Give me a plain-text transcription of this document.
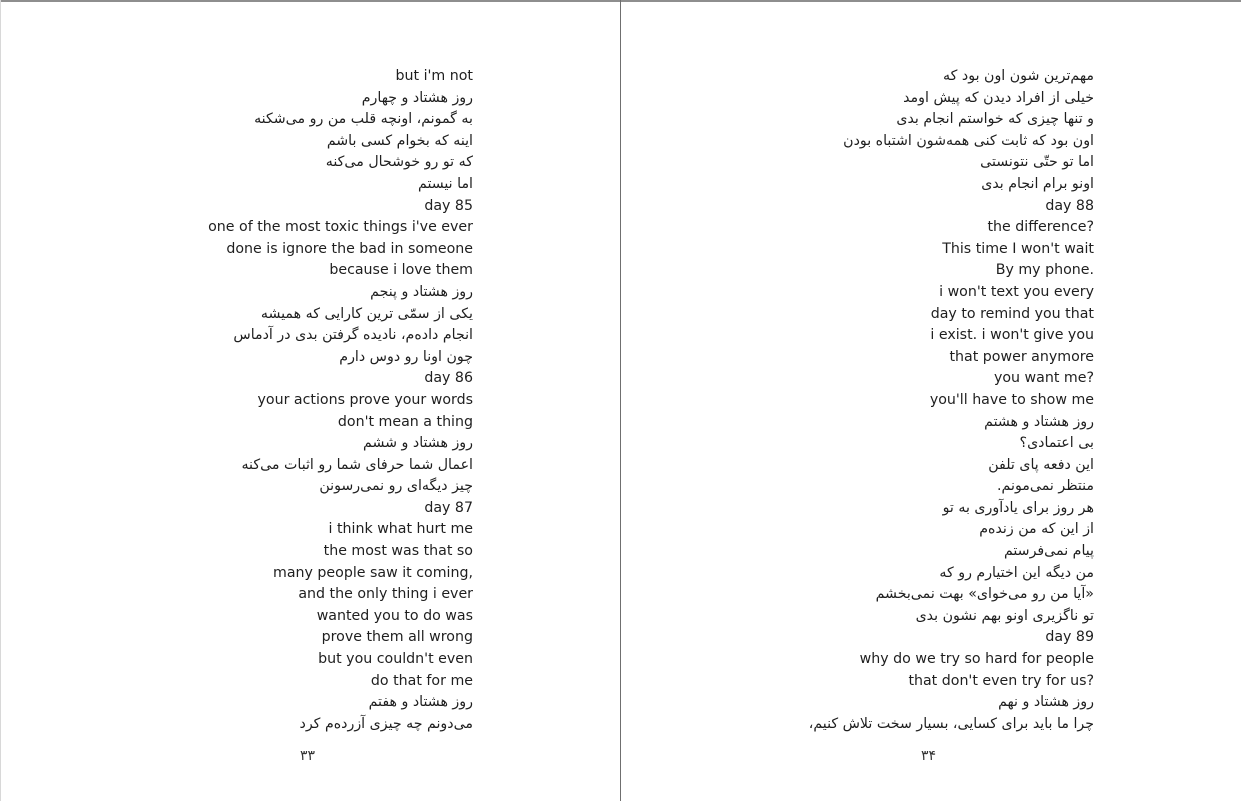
but i'm not
روز هشتاد و چهارم
به گمونم، اونچه قلب من رو می‌شکنه
اینه که بخوام کسی باشم
که تو رو خوشحال می‌کنه
اما نیستم
day 85
one of the most toxic things i've ever
done is ignore the bad in someone
because i love them
روز هشتاد و پنجم
یکی از سمّی ترین کارایی که همیشه
انجام داده‌م، نادیده گرفتن بدی در آدماس
چون اونا رو دوس دارم
day 86
your actions prove your words
don't mean a thing
روز هشتاد و ششم
اعمال شما حرفای شما رو اثبات می‌کنه
چیز دیگه‌ای رو نمی‌رسونن
day 87
i think what hurt me
the most was that so
many people saw it coming,
and the only thing i ever
wanted you to do was
prove them all wrong
but you couldn't even
do that for me
روز هشتاد و هفتم
می‌دونم چه چیزی آزرده‌م کرد
۳۳
مهم‌ترین شون اون بود که
خیلی از افراد دیدن که پیش اومد
و تنها چیزی که خواستم انجام بدی
اون بود که ثابت کنی همه‌شون اشتباه بودن
اما تو حتّی نتونستی
اونو برام انجام بدی
day 88
the difference?
This time I won't wait
By my phone.
i won't text you every
day to remind you that
i exist. i won't give you
that power anymore
you want me?
you'll have to show me
روز هشتاد و هشتم
بی اعتمادی؟
این دفعه پای تلفن
منتظر نمی‌مونم.
هر روز برای یادآوری به تو
از این که من زنده‌م
پیام نمی‌فرستم
من دیگه این اختیارم رو که
«آیا من رو می‌خوای» بهت نمی‌بخشم
تو ناگزیری اونو بهم نشون بدی
day 89
why do we try so hard for people
that don't even try for us?
روز هشتاد و نهم
چرا ما باید برای کسایی، بسیار سخت تلاش کنیم،
۳۴
